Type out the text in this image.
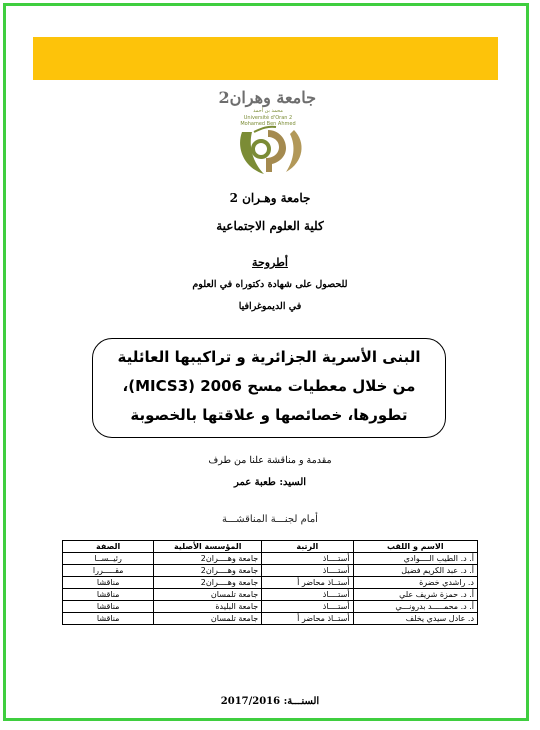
جامعة وهران2
محمد بن أحمد
Université d'Oran 2
Mohamed Ben Ahmed
جامعة وهـران 2
كلية العلوم الاجتماعية
أطروحة
للحصول على شهادة دكتوراه في العلوم
في الديموغرافيا
البنى الأسرية الجزائرية و تراكيبها العائلية
من خلال معطيات مسح 2006 (MICS3)،
تطورها، خصائصها و علاقتها بالخصوبة
مقدمة و مناقشة علنا من طرف
السيد: طعبة عمر
أمام لجنـــة المناقشـــة
الاسم و اللقب	الرتبة	المؤسسة الأصلية	الصفة
أ. د. الطيب الــــوادي	أستــــاذ	جامعة وهــــران2	رئيــســا
أ. د. عبد الكريم فضيل	أستــــاذ	جامعة وهــــران2	مقـــــررا
د. راشدي خضرة	أستــاذ محاضر أ	جامعة وهــــران2	مناقشا
أ. د. حمزة شريف علي	أستــــاذ	جامعة تلمسان	مناقشا
أ. د. محمـــــد بدرونـــي	أستــــاذ	جامعة البليدة	مناقشا
د. عادل سيدي يخلف	أستــاذ محاضر أ	جامعة تلمسان	مناقشا
السنـــة: 2017/2016
